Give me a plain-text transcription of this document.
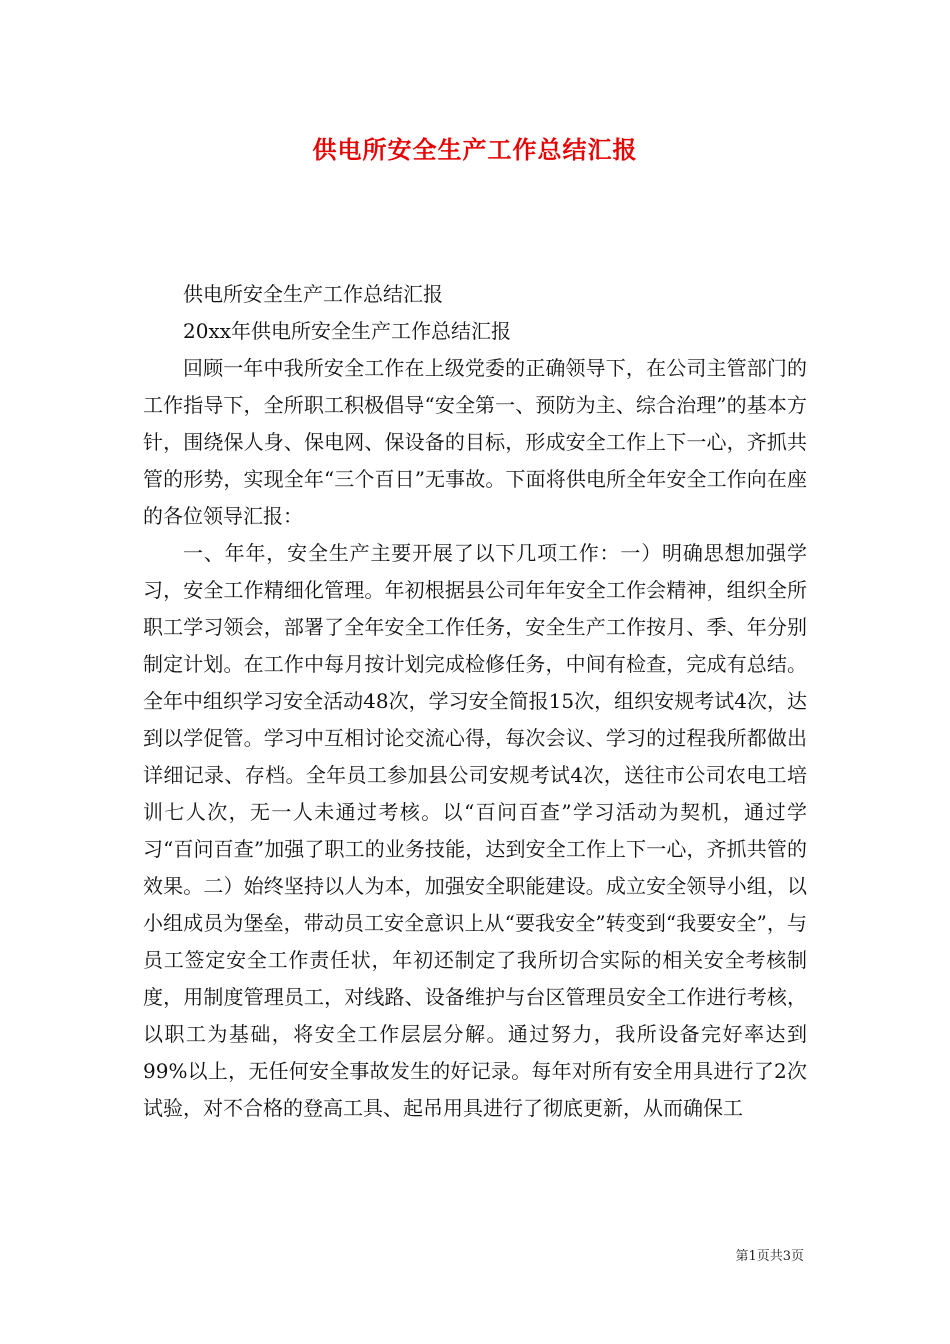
供电所安全生产工作总结汇报

供电所安全生产工作总结汇报

20xx年供电所安全生产工作总结汇报

回顾一年中我所安全工作在上级党委的正确领导下，在公司主管部门的工作指导下，全所职工积极倡导“安全第一、预防为主、综合治理”的基本方针，围绕保人身、保电网、保设备的目标，形成安全工作上下一心，齐抓共管的形势，实现全年“三个百日”无事故。下面将供电所全年安全工作向在座的各位领导汇报：

一、年年，安全生产主要开展了以下几项工作：一）明确思想加强学习，安全工作精细化管理。年初根据县公司年年安全工作会精神，组织全所职工学习领会，部署了全年安全工作任务，安全生产工作按月、季、年分别制定计划。在工作中每月按计划完成检修任务，中间有检查，完成有总结。全年中组织学习安全活动48次，学习安全简报15次，组织安规考试4次，达到以学促管。学习中互相讨论交流心得，每次会议、学习的过程我所都做出详细记录、存档。全年员工参加县公司安规考试4次，送往市公司农电工培训七人次，无一人未通过考核。以“百问百查”学习活动为契机，通过学习“百问百查”加强了职工的业务技能，达到安全工作上下一心，齐抓共管的效果。二）始终坚持以人为本，加强安全职能建设。成立安全领导小组，以小组成员为堡垒，带动员工安全意识上从“要我安全”转变到“我要安全”，与员工签定安全工作责任状，年初还制定了我所切合实际的相关安全考核制度，用制度管理员工，对线路、设备维护与台区管理员安全工作进行考核，以职工为基础，将安全工作层层分解。通过努力，我所设备完好率达到99%以上，无任何安全事故发生的好记录。每年对所有安全用具进行了2次试验，对不合格的登高工具、起吊用具进行了彻底更新，从而确保工

第1页共3页
